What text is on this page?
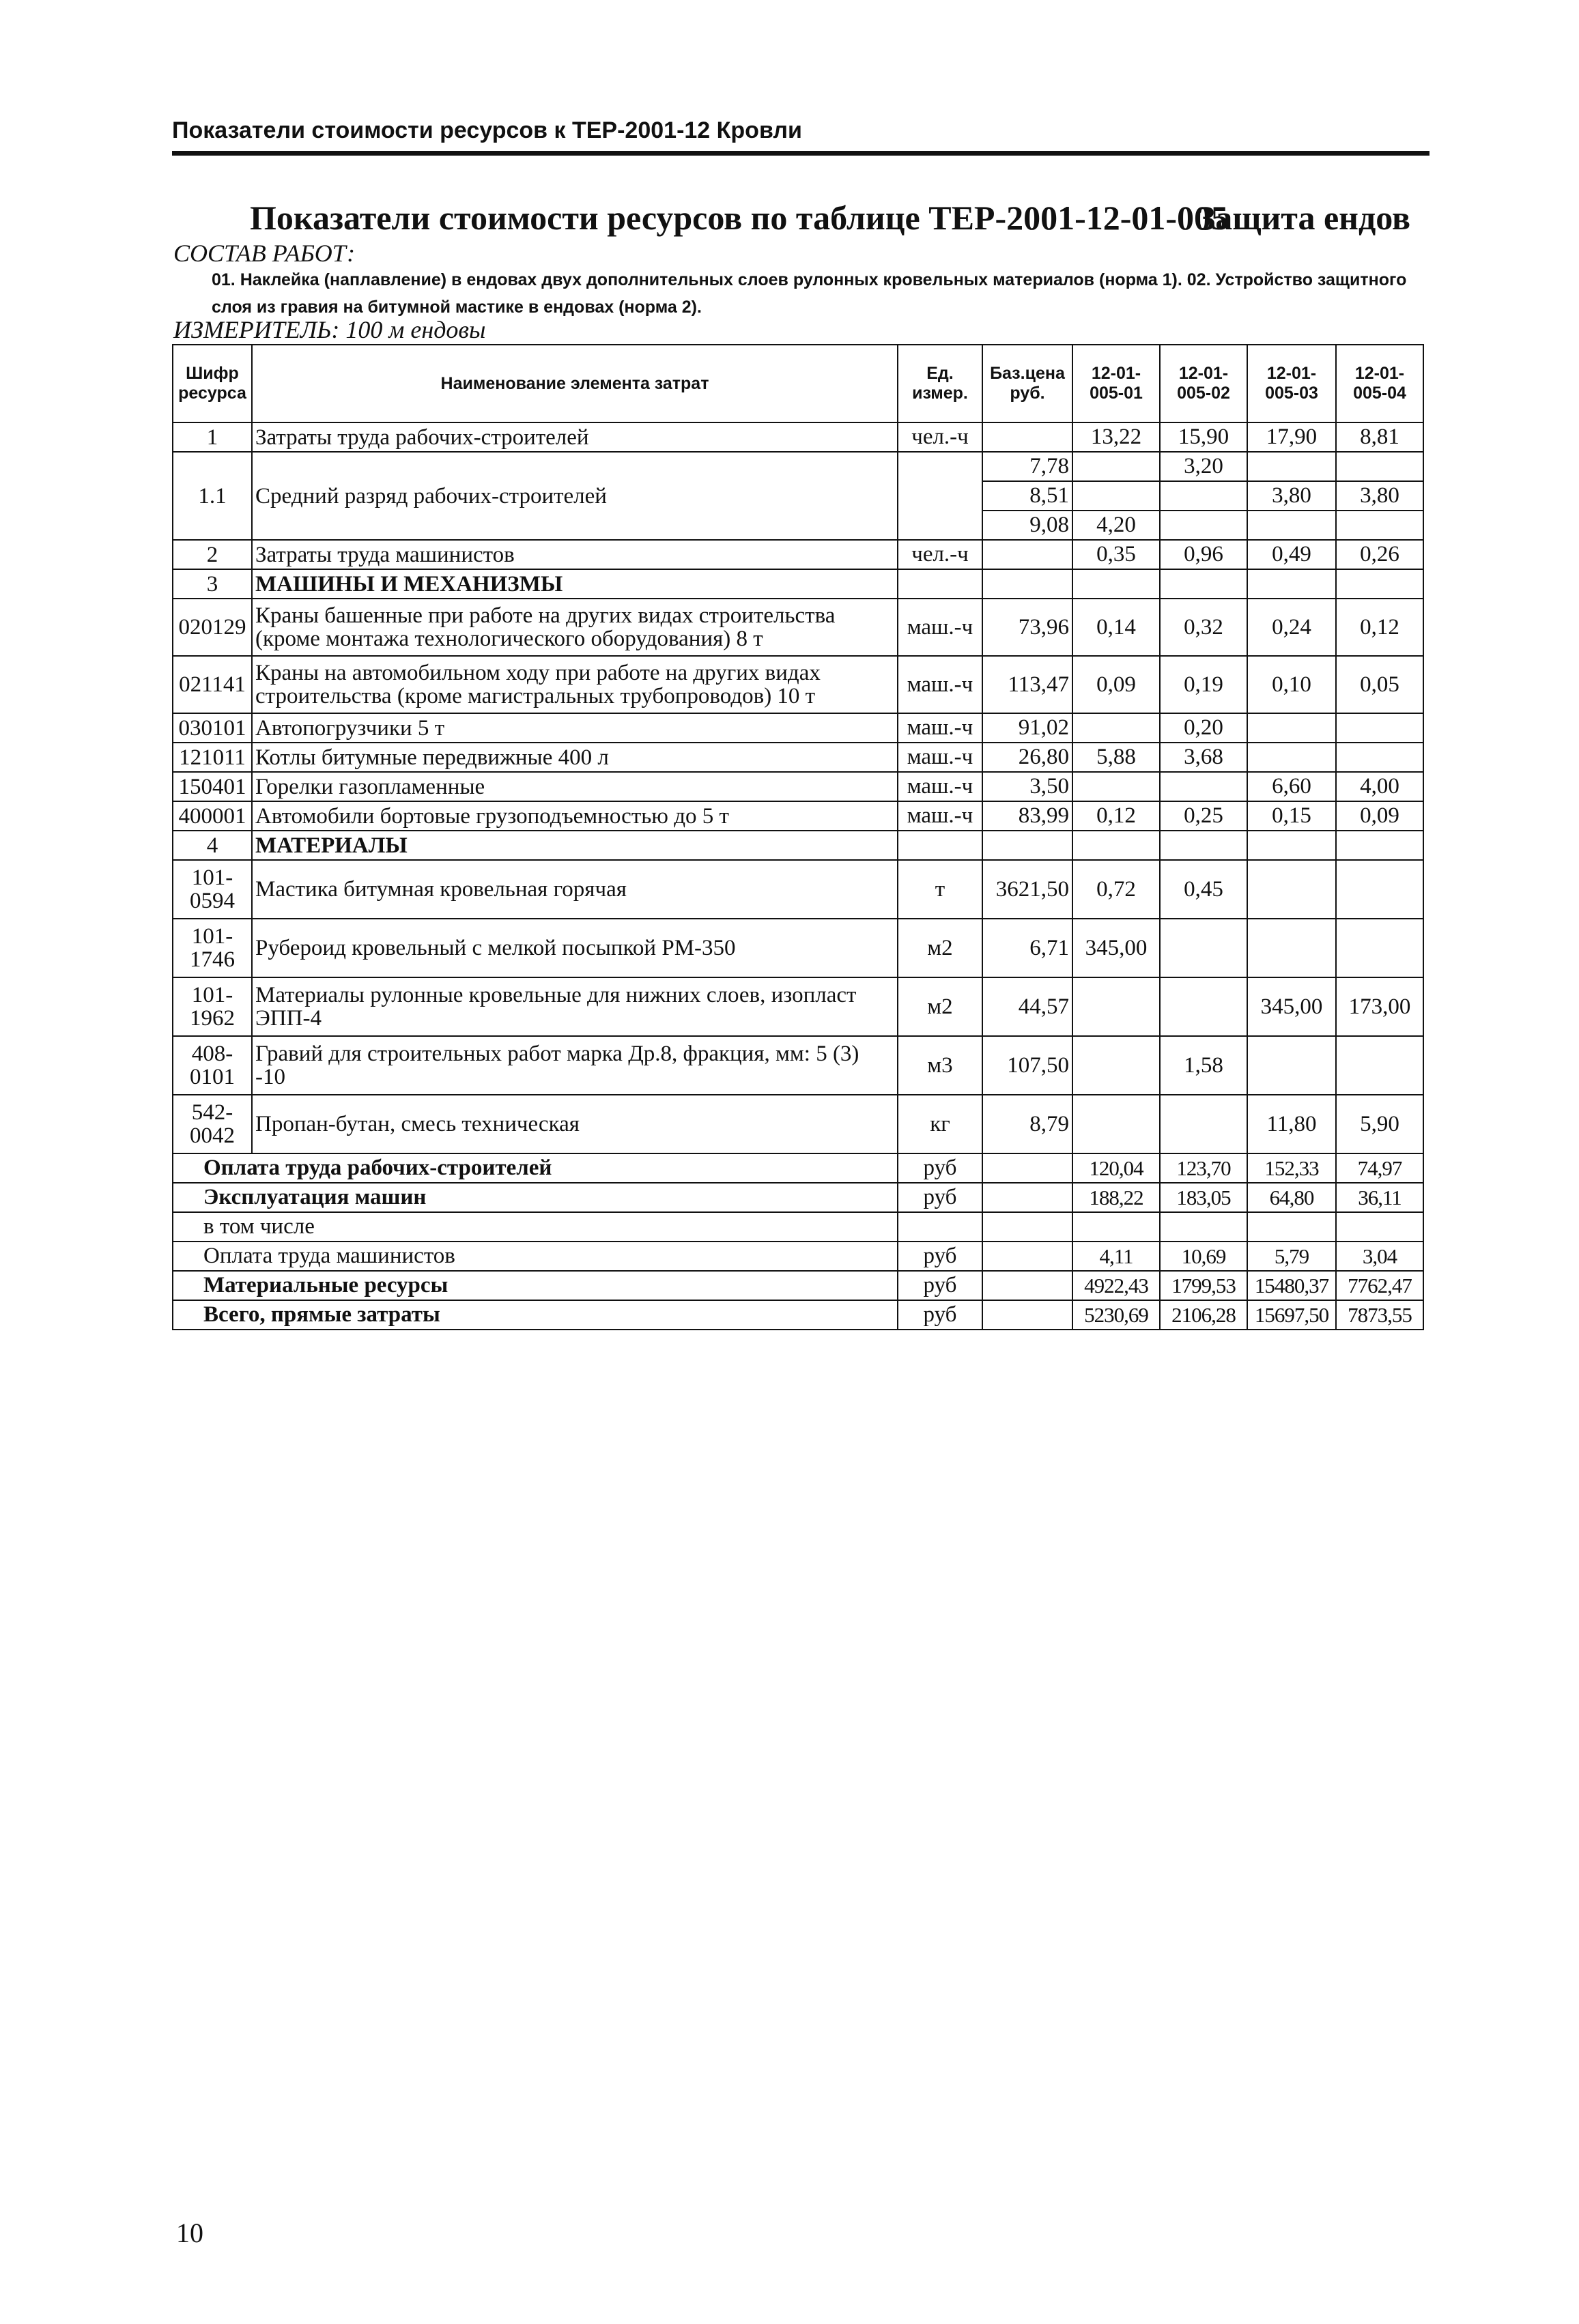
Показатели стоимости ресурсов к ТЕР-2001-12 Кровли
Показатели стоимости ресурсов по таблице ТЕР-2001-12-01-005
Защита ендов
СОСТАВ РАБОТ:
01. Наклейка (наплавление) в ендовах двух дополнительных слоев рулонных кровельных материалов (норма 1). 02. Устройство защитного слоя из гравия на битумной мастике в ендовах (норма 2).
ИЗМЕРИТЕЛЬ: 100 м ендовы
Шифр ресурса	Наименование элемента затрат	Ед. измер.	Баз.цена руб.	12-01-005-01	12-01-005-02	12-01-005-03	12-01-005-04
1	Затраты труда рабочих-строителей	чел.-ч		13,22	15,90	17,90	8,81
1.1	Средний разряд рабочих-строителей		7,78		3,20		
			8,51			3,80	3,80
			9,08	4,20			
2	Затраты труда машинистов	чел.-ч		0,35	0,96	0,49	0,26
3	МАШИНЫ И МЕХАНИЗМЫ						
020129	Краны башенные при работе на других видах строительства (кроме монтажа технологического оборудования) 8 т	маш.-ч	73,96	0,14	0,32	0,24	0,12
021141	Краны на автомобильном ходу при работе на других видах строительства (кроме магистральных трубопроводов) 10 т	маш.-ч	113,47	0,09	0,19	0,10	0,05
030101	Автопогрузчики 5 т	маш.-ч	91,02		0,20		
121011	Котлы битумные передвижные 400 л	маш.-ч	26,80	5,88	3,68		
150401	Горелки газопламенные	маш.-ч	3,50			6,60	4,00
400001	Автомобили бортовые грузоподъемностью до 5 т	маш.-ч	83,99	0,12	0,25	0,15	0,09
4	МАТЕРИАЛЫ						
101-0594	Мастика битумная кровельная горячая	т	3621,50	0,72	0,45		
101-1746	Рубероид кровельный с мелкой посыпкой РМ-350	м2	6,71	345,00			
101-1962	Материалы рулонные кровельные для нижних слоев, изопласт ЭПП-4	м2	44,57			345,00	173,00
408-0101	Гравий для строительных работ марка Др.8, фракция, мм: 5 (3) -10	м3	107,50		1,58		
542-0042	Пропан-бутан, смесь техническая	кг	8,79			11,80	5,90
Оплата труда рабочих-строителей		руб		120,04	123,70	152,33	74,97
Эксплуатация машин		руб		188,22	183,05	64,80	36,11
в том числе							
Оплата труда машинистов		руб		4,11	10,69	5,79	3,04
Материальные ресурсы		руб		4922,43	1799,53	15480,37	7762,47
Всего, прямые затраты		руб		5230,69	2106,28	15697,50	7873,55
10
